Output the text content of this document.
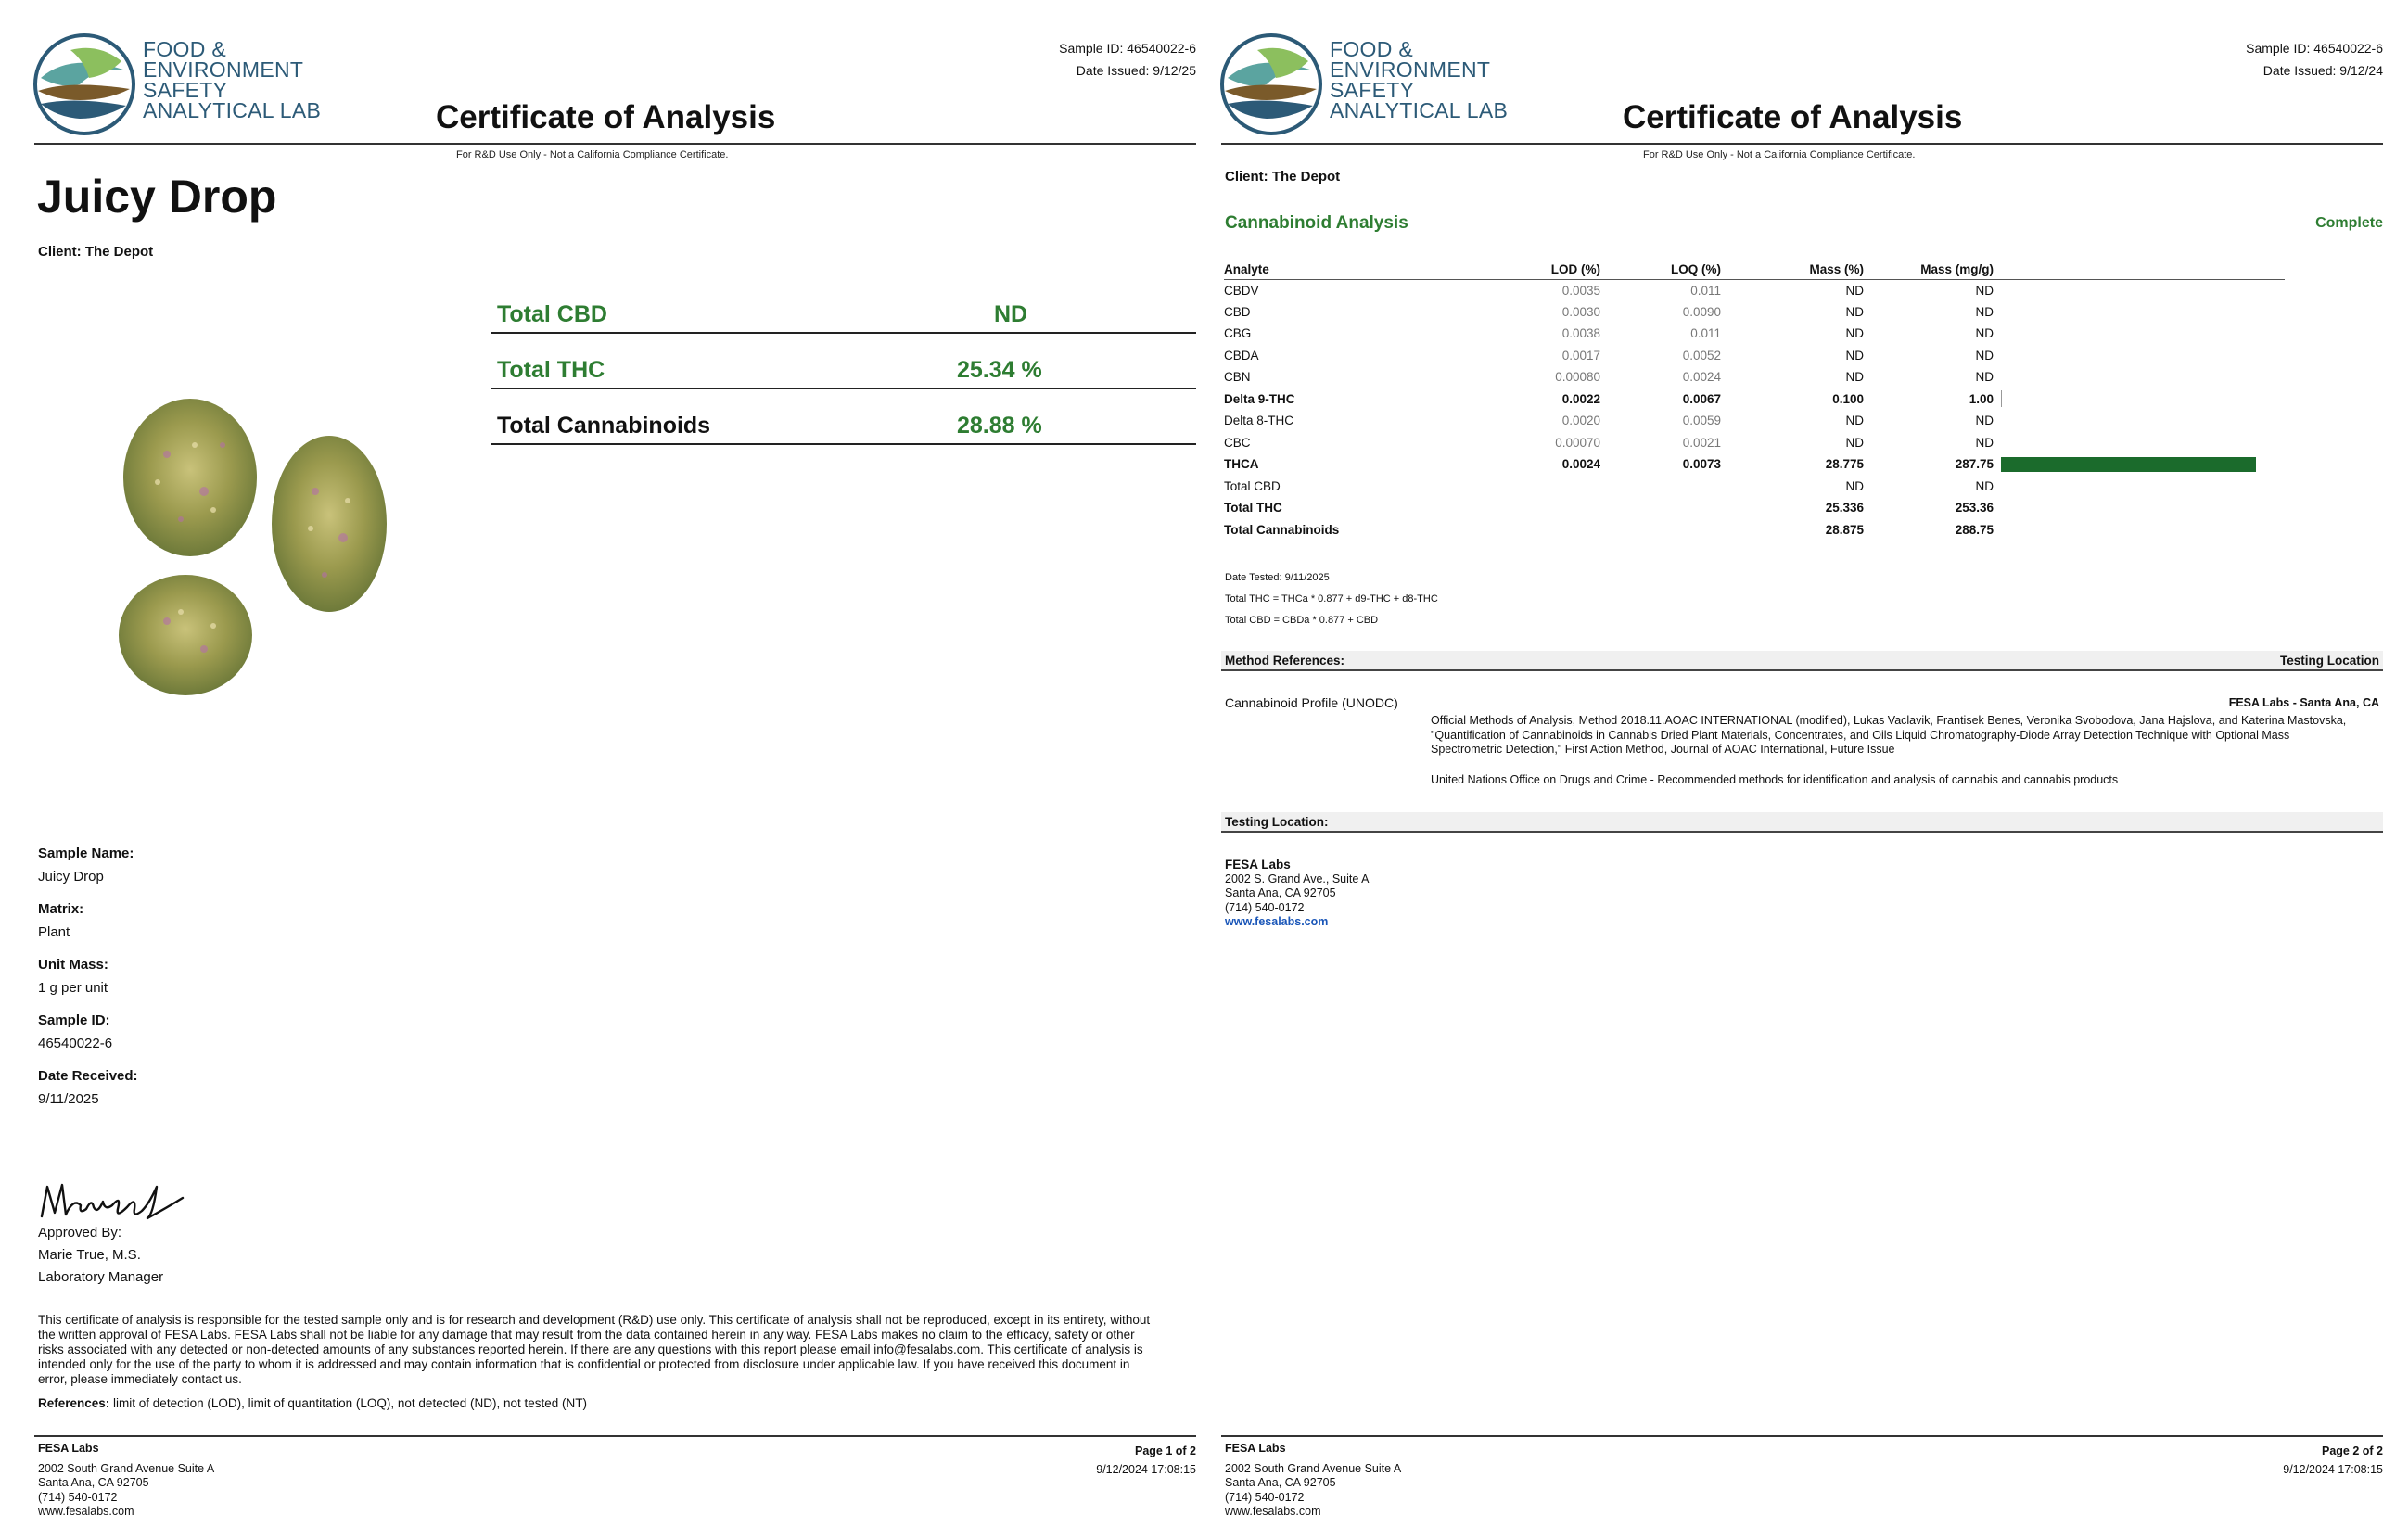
FOOD &
ENVIRONMENT
SAFETY
ANALYTICAL LAB
Sample ID: 46540022-6
Date Issued: 9/12/25
Certificate of Analysis
For R&D Use Only - Not a California Compliance Certificate.
Juicy Drop
Client: The Depot
Total CBD	ND
Total THC	25.34 %
Total Cannabinoids	28.88 %
Sample Name:
Juicy Drop
Matrix:
Plant
Unit Mass:
1 g per unit
Sample ID:
46540022-6
Date Received:
9/11/2025
Approved By:
Marie True, M.S.
Laboratory Manager
This certificate of analysis is responsible for the tested sample only and is for research and development (R&D) use only. This certificate of analysis shall not be reproduced, except in its entirety, without the written approval of FESA Labs. FESA Labs shall not be liable for any damage that may result from the data contained herein in any way. FESA Labs makes no claim to the efficacy, safety or other risks associated with any detected or non-detected amounts of any substances reported herein. If there are any questions with this report please email info@fesalabs.com. This certificate of analysis is intended only for the use of the party to whom it is addressed and may contain information that is confidential or protected from disclosure under applicable law. If you have received this document in error, please immediately contact us.
References: limit of detection (LOD), limit of quantitation (LOQ), not detected (ND), not tested (NT)
FESA Labs
2002 South Grand Avenue Suite A
Santa Ana, CA 92705
(714) 540-0172
www.fesalabs.com
Page 1 of 2
9/12/2024 17:08:15
FOOD &
ENVIRONMENT
SAFETY
ANALYTICAL LAB
Sample ID: 46540022-6
Date Issued: 9/12/24
Certificate of Analysis
For R&D Use Only - Not a California Compliance Certificate.
Client: The Depot
Cannabinoid Analysis	Complete
Analyte	LOD (%)	LOQ (%)	Mass (%)	Mass (mg/g)	
CBDV	0.0035	0.011	ND	ND	
CBD	0.0030	0.0090	ND	ND	
CBG	0.0038	0.011	ND	ND	
CBDA	0.0017	0.0052	ND	ND	
CBN	0.00080	0.0024	ND	ND	
Delta 9-THC	0.0022	0.0067	0.100	1.00	
Delta 8-THC	0.0020	0.0059	ND	ND	
CBC	0.00070	0.0021	ND	ND	
THCA	0.0024	0.0073	28.775	287.75	
Total CBD			ND	ND	
Total THC			25.336	253.36	
Total Cannabinoids			28.875	288.75	
Date Tested: 9/11/2025
Total THC = THCa * 0.877 + d9-THC + d8-THC
Total CBD = CBDa * 0.877 + CBD
Method References:	Testing Location
Cannabinoid Profile (UNODC)	FESA Labs - Santa Ana, CA
Official Methods of Analysis, Method 2018.11.AOAC INTERNATIONAL (modified), Lukas Vaclavik, Frantisek Benes, Veronika Svobodova, Jana Hajslova, and Katerina Mastovska, "Quantification of Cannabinoids in Cannabis Dried Plant Materials, Concentrates, and Oils Liquid Chromatography-Diode Array Detection Technique with Optional Mass Spectrometric Detection," First Action Method, Journal of AOAC International, Future Issue
United Nations Office on Drugs and Crime - Recommended methods for identification and analysis of cannabis and cannabis products
Testing Location:
FESA Labs
2002 S. Grand Ave., Suite A
Santa Ana, CA 92705
(714) 540-0172
www.fesalabs.com
FESA Labs
2002 South Grand Avenue Suite A
Santa Ana, CA 92705
(714) 540-0172
www.fesalabs.com
Page 2 of 2
9/12/2024 17:08:15
